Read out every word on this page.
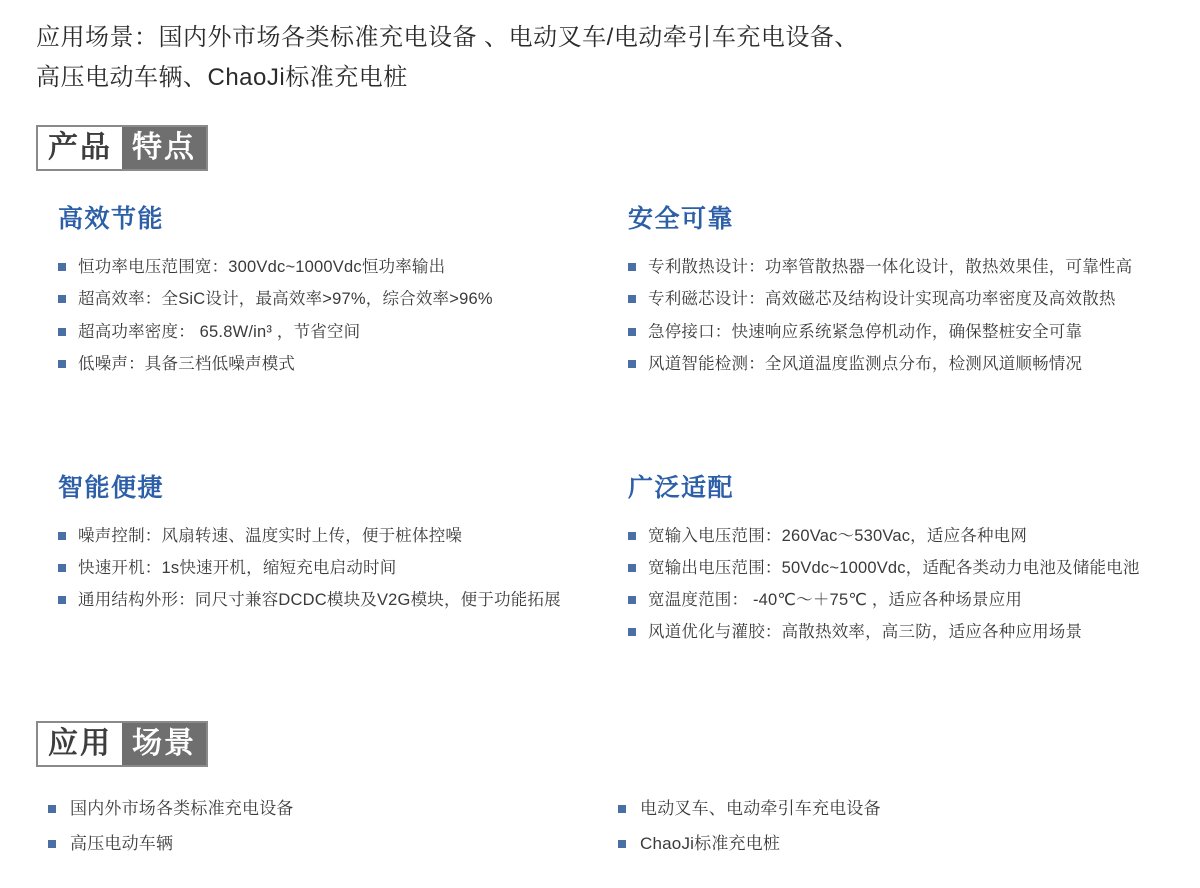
应用场景：国内外市场各类标准充电设备 、电动叉车/电动牵引车充电设备、
高压电动车辆、ChaoJi标准充电桩

产品 特点
高效节能
恒功率电压范围宽：300Vdc~1000Vdc恒功率输出
超高效率：全SiC设计，最高效率>97%，综合效率>96%
超高功率密度： 65.8W/in³ ，节省空间
低噪声：具备三档低噪声模式
安全可靠
专利散热设计：功率管散热器一体化设计，散热效果佳，可靠性高
专利磁芯设计：高效磁芯及结构设计实现高功率密度及高效散热
急停接口：快速响应系统紧急停机动作，确保整桩安全可靠
风道智能检测：全风道温度监测点分布，检测风道顺畅情况
智能便捷
噪声控制：风扇转速、温度实时上传，便于桩体控噪
快速开机：1s快速开机，缩短充电启动时间
通用结构外形：同尺寸兼容DCDC模块及V2G模块，便于功能拓展
广泛适配
宽输入电压范围：260Vac～530Vac，适应各种电网
宽输出电压范围：50Vdc~1000Vdc，适配各类动力电池及储能电池
宽温度范围： -40℃～＋75℃ ，适应各种场景应用
风道优化与灌胶：高散热效率，高三防，适应各种应用场景
应用 场景
国内外市场各类标准充电设备
高压电动车辆
电动叉车、电动牵引车充电设备
ChaoJi标准充电桩
